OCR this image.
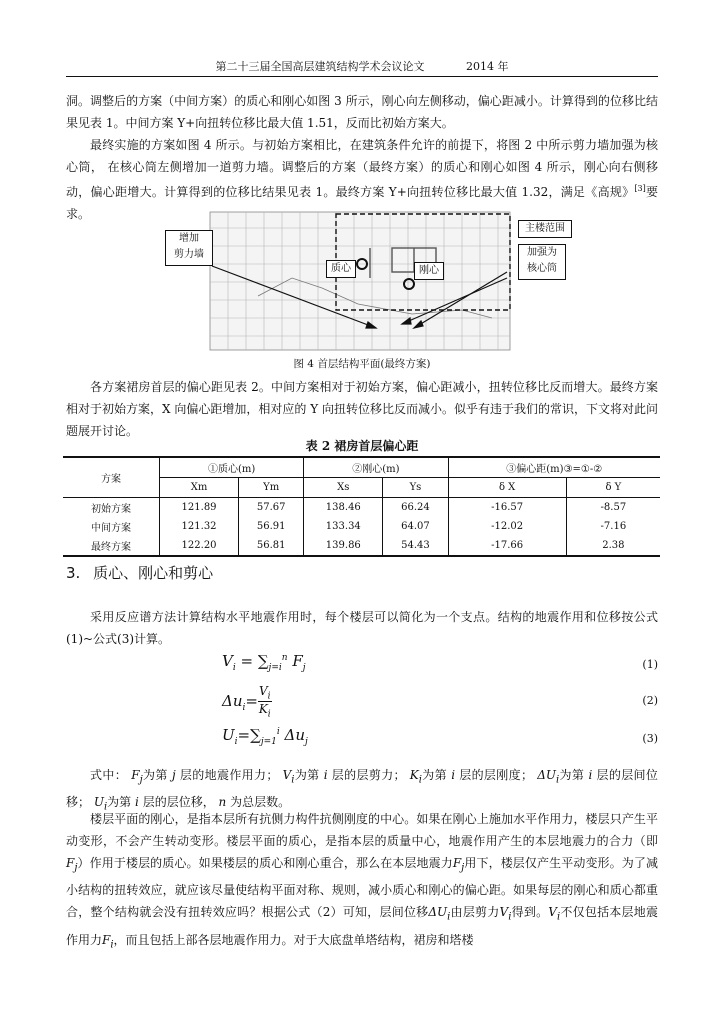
第二十三届全国高层建筑结构学术会议论文	2014 年

洞。调整后的方案（中间方案）的质心和刚心如图 3 所示，刚心向左侧移动，偏心距减小。计算得到的位移比结果见表 1。中间方案 Y+向扭转位移比最大值 1.51，反而比初始方案大。

最终实施的方案如图 4 所示。与初始方案相比，在建筑条件允许的前提下，将图 2 中所示剪力墙加强为核心筒， 在核心筒左侧增加一道剪力墙。调整后的方案（最终方案）的质心和刚心如图 4 所示，刚心向右侧移动，偏心距增大。计算得到的位移比结果见表 1。最终方案 Y+向扭转位移比最大值 1.32，满足《高规》[3]要求。

增加
剪力墙
主楼范围
加强为
核心筒
质心	刚心
图 4 首层结构平面(最终方案)

各方案裙房首层的偏心距见表 2。中间方案相对于初始方案，偏心距减小，扭转位移比反而增大。最终方案相对于初始方案，X 向偏心距增加，相对应的 Y 向扭转位移比反而减小。似乎有违于我们的常识，下文将对此问题展开讨论。

表 2 裙房首层偏心距
方案	①质心(m)		②刚心(m)		③偏心距(m)③=①-②	
	Xm	Ym	Xs	Ys	δ X	δ Y
初始方案	121.89	57.67	138.46	66.24	-16.57	-8.57
中间方案	121.32	56.91	133.34	64.07	-12.02	-7.16
最终方案	122.20	56.81	139.86	54.43	-17.66	2.38
3. 质心、刚心和剪心

采用反应谱方法计算结构水平地震作用时，每个楼层可以简化为一个支点。结构的地震作用和位移按公式(1)~公式(3)计算。

$V_i = \sum_{j=i}^n$ $F_j$	(1)
$\Delta u_i= \frac{V_i}{K_i}$	(2)
$U_i=\sum_{j=1}^i$ $\Delta u_j$	(3)

式中： $F_j$为第 j 层的地震作用力； $V_i$为第 i 层的层剪力； $K_i$为第 i 层的层刚度； $\Delta U_i$为第 i 层的层间位移； $U_i$为第 i 层的层位移， n 为总层数。

楼层平面的刚心，是指本层所有抗侧力构件抗侧刚度的中心。如果在刚心上施加水平作用力，楼层只产生平动变形，不会产生转动变形。楼层平面的质心，是指本层的质量中心，地震作用产生的本层地震力的合力（即$F_j$）作用于楼层的质心。如果楼层的质心和刚心重合，那么在本层地震力$F_j$用下，楼层仅产生平动变形。为了减小结构的扭转效应，就应该尽量使结构平面对称、规则，减小质心和刚心的偏心距。如果每层的刚心和质心都重合，整个结构就会没有扭转效应吗？根据公式（2）可知，层间位移$\Delta U_i$由层剪力$V_i$得到。$V_i$不仅包括本层地震作用力$F_i$，而且包括上部各层地震作用力。对于大底盘单塔结构，裙房和塔楼
